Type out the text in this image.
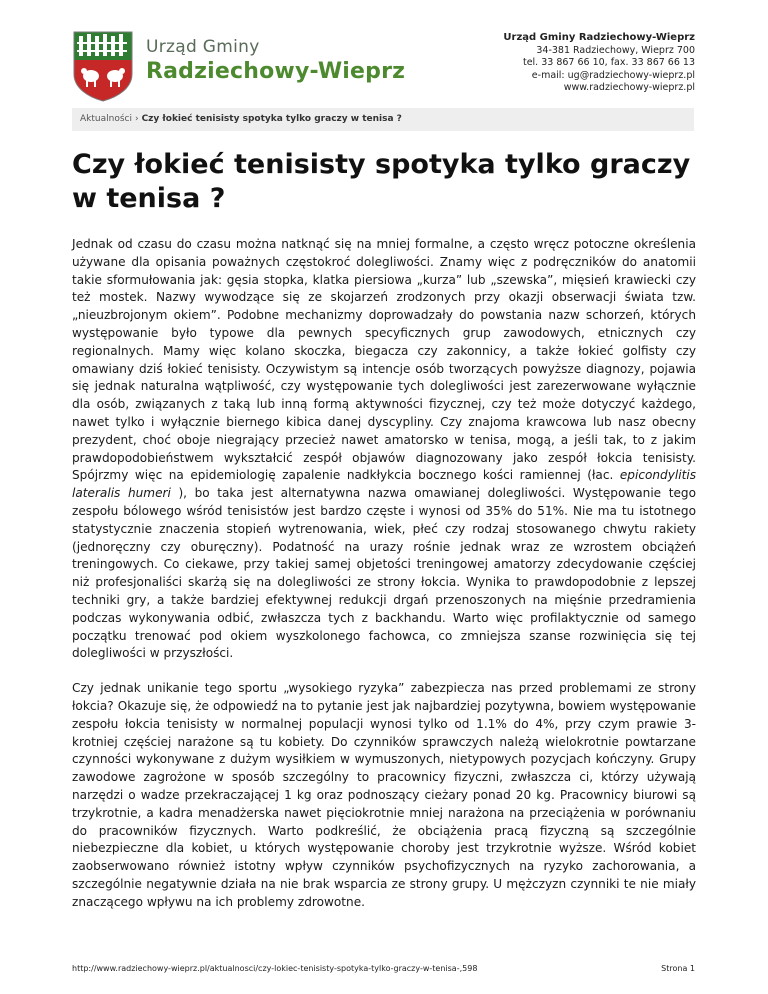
Urząd Gminy
Radziechowy-Wieprz
Urząd Gminy Radziechowy-Wieprz
34-381 Radziechowy, Wieprz 700
tel. 33 867 66 10, fax. 33 867 66 13
e-mail: ug@radziechowy-wieprz.pl
www.radziechowy-wieprz.pl
Aktualności › Czy łokieć tenisisty spotyka tylko graczy w tenisa ?
Czy łokieć tenisisty spotyka tylko graczy w tenisa ?

Jednak od czasu do czasu można natknąć się na mniej formalne, a często wręcz potoczne określenia używane dla opisania poważnych częstokroć dolegliwości. Znamy więc z podręczników do anatomii takie sformułowania jak: gęsia stopka, klatka piersiowa „kurza” lub „szewska”, mięsień krawiecki czy też mostek. Nazwy wywodzące się ze skojarzeń zrodzonych przy okazji obserwacji świata tzw. „nieuzbrojonym okiem”. Podobne mechanizmy doprowadzały do powstania nazw schorzeń, których występowanie było typowe dla pewnych specyficznych grup zawodowych, etnicznych czy regionalnych. Mamy więc kolano skoczka, biegacza czy zakonnicy, a także łokieć golfisty czy omawiany dziś łokieć tenisisty. Oczywistym są intencje osób tworzących powyższe diagnozy, pojawia się jednak naturalna wątpliwość, czy występowanie tych dolegliwości jest zarezerwowane wyłącznie dla osób, związanych z taką lub inną formą aktywności fizycznej, czy też może dotyczyć każdego, nawet tylko i wyłącznie biernego kibica danej dyscypliny. Czy znajoma krawcowa lub nasz obecny prezydent, choć oboje niegrający przecież nawet amatorsko w tenisa, mogą, a jeśli tak, to z jakim prawdopodobieństwem wykształcić zespół objawów diagnozowany jako zespół łokcia tenisisty. Spójrzmy więc na epidemiologię zapalenie nadkłykcia bocznego kości ramiennej (łac. epicondylitis lateralis humeri ), bo taka jest alternatywna nazwa omawianej dolegliwości. Występowanie tego zespołu bólowego wśród tenisistów jest bardzo częste i wynosi od 35% do 51%. Nie ma tu istotnego statystycznie znaczenia stopień wytrenowania, wiek, płeć czy rodzaj stosowanego chwytu rakiety (jednoręczny czy oburęczny). Podatność na urazy rośnie jednak wraz ze wzrostem obciążeń treningowych. Co ciekawe, przy takiej samej objetości treningowej amatorzy zdecydowanie częściej niż profesjonaliści skarżą się na dolegliwości ze strony łokcia. Wynika to prawdopodobnie z lepszej techniki gry, a także bardziej efektywnej redukcji drgań przenoszonych na mięśnie przedramienia podczas wykonywania odbić, zwłaszcza tych z backhandu. Warto więc profilaktycznie od samego początku trenować pod okiem wyszkolonego fachowca, co zmniejsza szanse rozwinięcia się tej dolegliwości w przyszłości.

Czy jednak unikanie tego sportu „wysokiego ryzyka” zabezpiecza nas przed problemami ze strony łokcia? Okazuje się, że odpowiedź na to pytanie jest jak najbardziej pozytywna, bowiem występowanie zespołu łokcia tenisisty w normalnej populacji wynosi tylko od 1.1% do 4%, przy czym prawie 3-krotniej częściej narażone są tu kobiety. Do czynników sprawczych należą wielokrotnie powtarzane czynności wykonywane z dużym wysiłkiem w wymuszonych, nietypowych pozycjach kończyny. Grupy zawodowe zagrożone w sposób szczególny to pracownicy fizyczni, zwłaszcza ci, którzy używają narzędzi o wadze przekraczającej 1 kg oraz podnoszący cieżary ponad 20 kg. Pracownicy biurowi są trzykrotnie, a kadra menadżerska nawet pięciokrotnie mniej narażona na przeciążenia w porównaniu do pracowników fizycznych. Warto podkreślić, że obciążenia pracą fizyczną są szczególnie niebezpieczne dla kobiet, u których występowanie choroby jest trzykrotnie wyższe. Wśród kobiet zaobserwowano również istotny wpływ czynników psychofizycznych na ryzyko zachorowania, a szczególnie negatywnie działa na nie brak wsparcia ze strony grupy. U mężczyzn czynniki te nie miały znaczącego wpływu na ich problemy zdrowotne.

http://www.radziechowy-wieprz.pl/aktualnosci/czy-lokiec-tenisisty-spotyka-tylko-graczy-w-tenisa-,598	Strona 1
